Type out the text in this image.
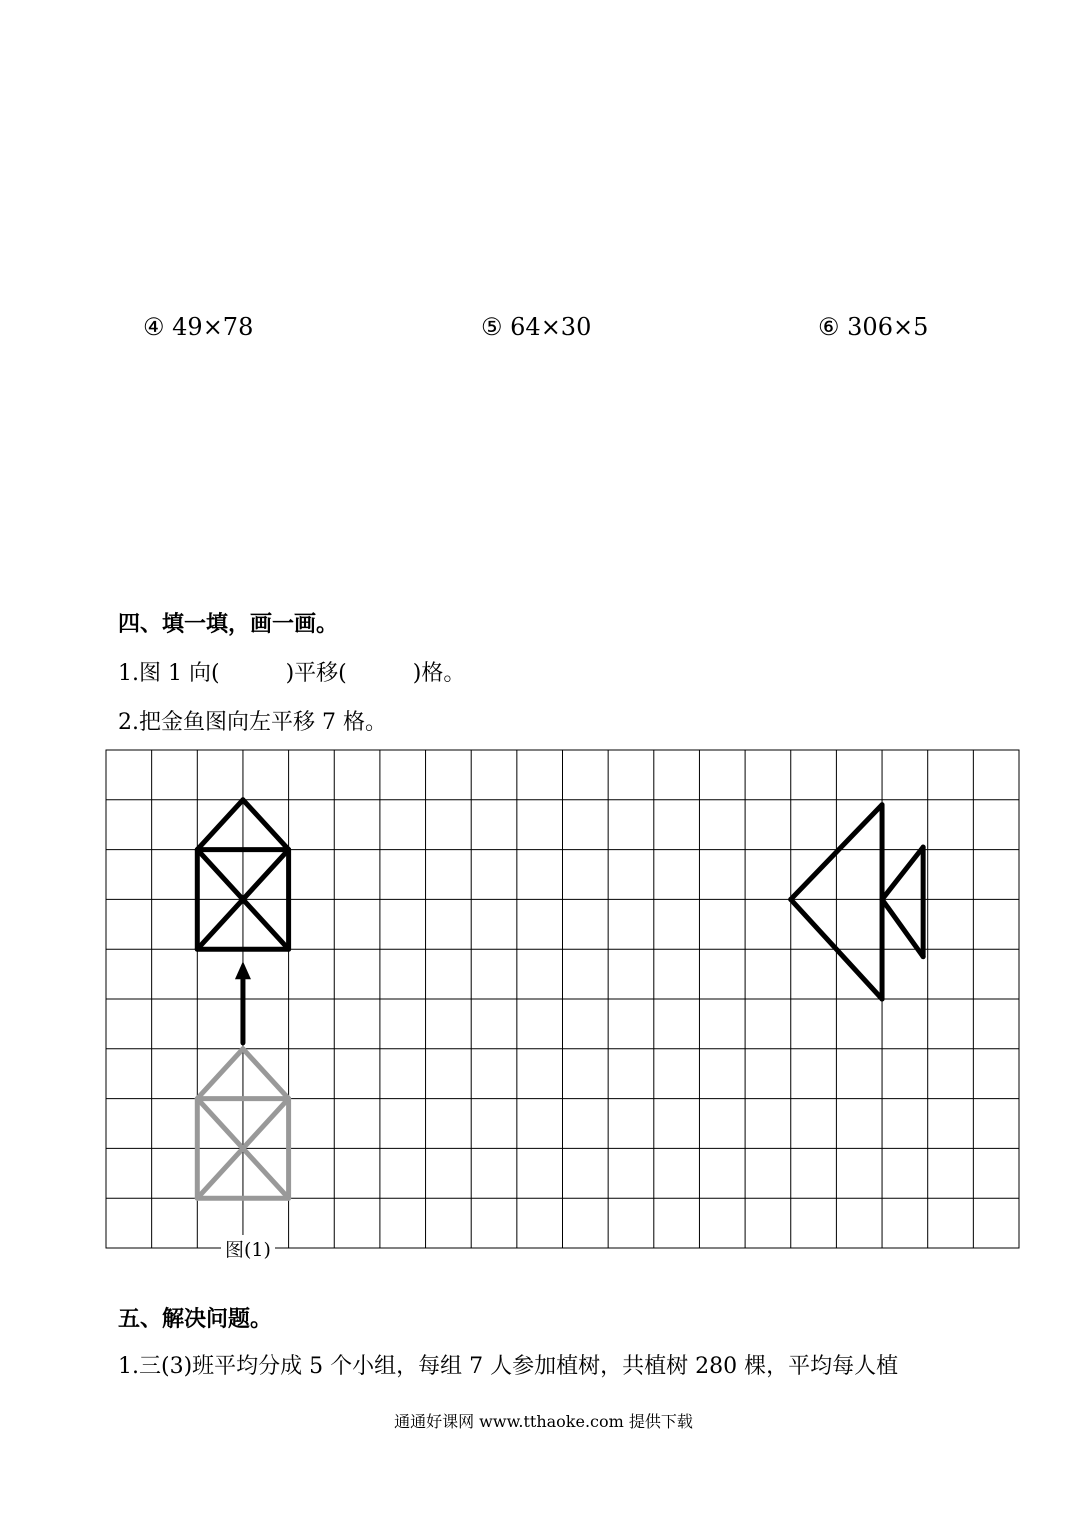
④ 49×78	⑤ 64×30	⑥ 306×5
四、填一填，画一画。
1.图 1 向(	)平移(	)格。
2.把金鱼图向左平移 7 格。
图(1)
五、解决问题。
1.三(3)班平均分成 5 个小组，每组 7 人参加植树，共植树 280 棵，平均每人植
通通好课网 www.tthaoke.com 提供下载
